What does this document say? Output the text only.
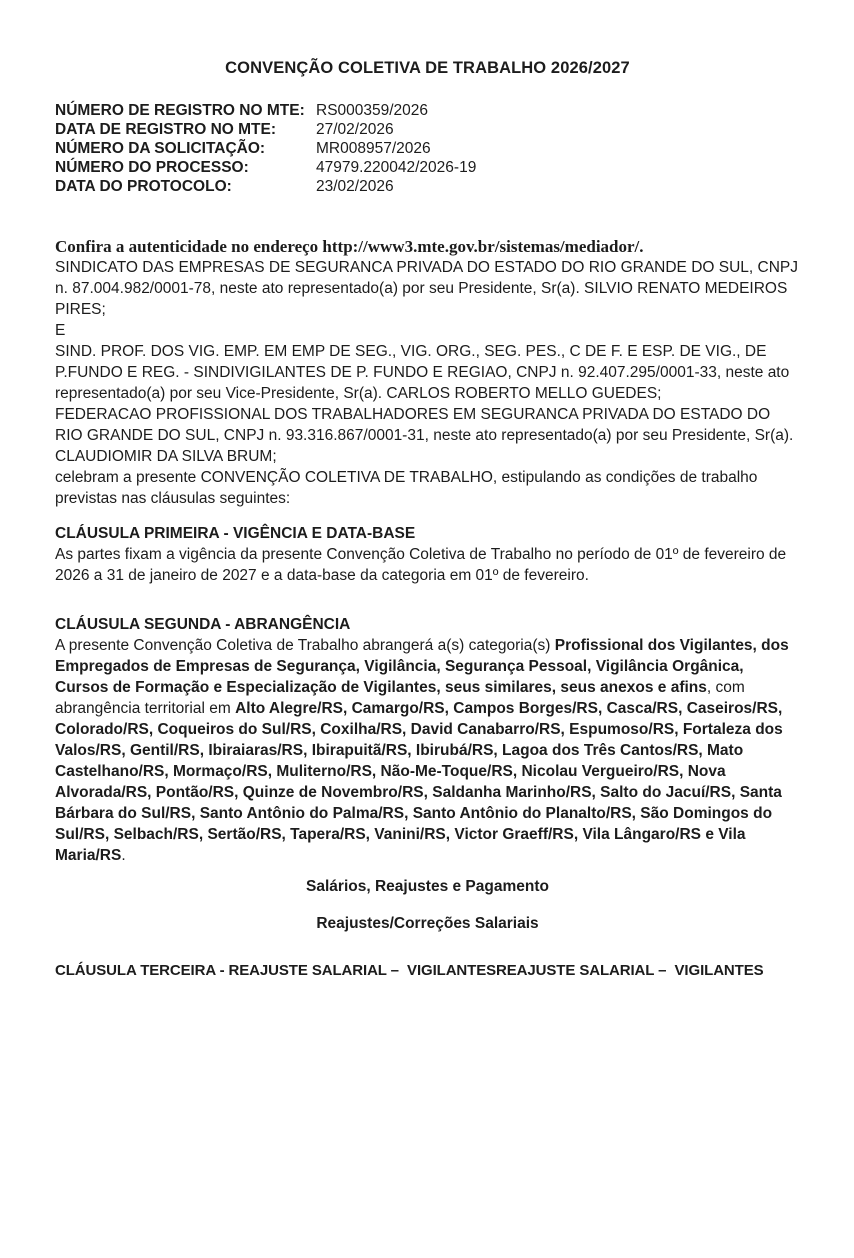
CONVENÇÃO COLETIVA DE TRABALHO 2026/2027
NÚMERO DE REGISTRO NO MTE: RS000359/2026
DATA DE REGISTRO NO MTE:	27/02/2026
NÚMERO DA SOLICITAÇÃO:	MR008957/2026
NÚMERO DO PROCESSO:	47979.220042/2026-19
DATA DO PROTOCOLO:	23/02/2026

Confira a autenticidade no endereço http://www3.mte.gov.br/sistemas/mediador/.

SINDICATO DAS EMPRESAS DE SEGURANCA PRIVADA DO ESTADO DO RIO GRANDE DO SUL, CNPJ n. 87.004.982/0001-78, neste ato representado(a) por seu Presidente, Sr(a). SILVIO RENATO MEDEIROS PIRES;

E

SIND. PROF. DOS VIG. EMP. EM EMP DE SEG., VIG. ORG., SEG. PES., C DE F. E ESP. DE VIG., DE P.FUNDO E REG. - SINDIVIGILANTES DE P. FUNDO E REGIAO, CNPJ n. 92.407.295/0001-33, neste ato representado(a) por seu Vice-Presidente, Sr(a). CARLOS ROBERTO MELLO GUEDES;

FEDERACAO PROFISSIONAL DOS TRABALHADORES EM SEGURANCA PRIVADA DO ESTADO DO RIO GRANDE DO SUL, CNPJ n. 93.316.867/0001-31, neste ato representado(a) por seu Presidente, Sr(a). CLAUDIOMIR DA SILVA BRUM;

celebram a presente CONVENÇÃO COLETIVA DE TRABALHO, estipulando as condições de trabalho previstas nas cláusulas seguintes:

CLÁUSULA PRIMEIRA - VIGÊNCIA E DATA-BASE

As partes fixam a vigência da presente Convenção Coletiva de Trabalho no período de 01º de fevereiro de 2026 a 31 de janeiro de 2027 e a data-base da categoria em 01º de fevereiro.

CLÁUSULA SEGUNDA - ABRANGÊNCIA

A presente Convenção Coletiva de Trabalho abrangerá a(s) categoria(s) Profissional dos Vigilantes, dos Empregados de Empresas de Segurança, Vigilância, Segurança Pessoal, Vigilância Orgânica, Cursos de Formação e Especialização de Vigilantes, seus similares, seus anexos e afins, com abrangência territorial em Alto Alegre/RS, Camargo/RS, Campos Borges/RS, Casca/RS, Caseiros/RS, Colorado/RS, Coqueiros do Sul/RS, Coxilha/RS, David Canabarro/RS, Espumoso/RS, Fortaleza dos Valos/RS, Gentil/RS, Ibiraiaras/RS, Ibirapuitã/RS, Ibirubá/RS, Lagoa dos Três Cantos/RS, Mato Castelhano/RS, Mormaço/RS, Muliterno/RS, Não-Me-Toque/RS, Nicolau Vergueiro/RS, Nova Alvorada/RS, Pontão/RS, Quinze de Novembro/RS, Saldanha Marinho/RS, Salto do Jacuí/RS, Santa Bárbara do Sul/RS, Santo Antônio do Palma/RS, Santo Antônio do Planalto/RS, São Domingos do Sul/RS, Selbach/RS, Sertão/RS, Tapera/RS, Vanini/RS, Victor Graeff/RS, Vila Lângaro/RS e Vila Maria/RS.

Salários, Reajustes e Pagamento
Reajustes/Correções Salariais
CLÁUSULA TERCEIRA - REAJUSTE SALARIAL –  VIGILANTESREAJUSTE SALARIAL –  VIGILANTES
